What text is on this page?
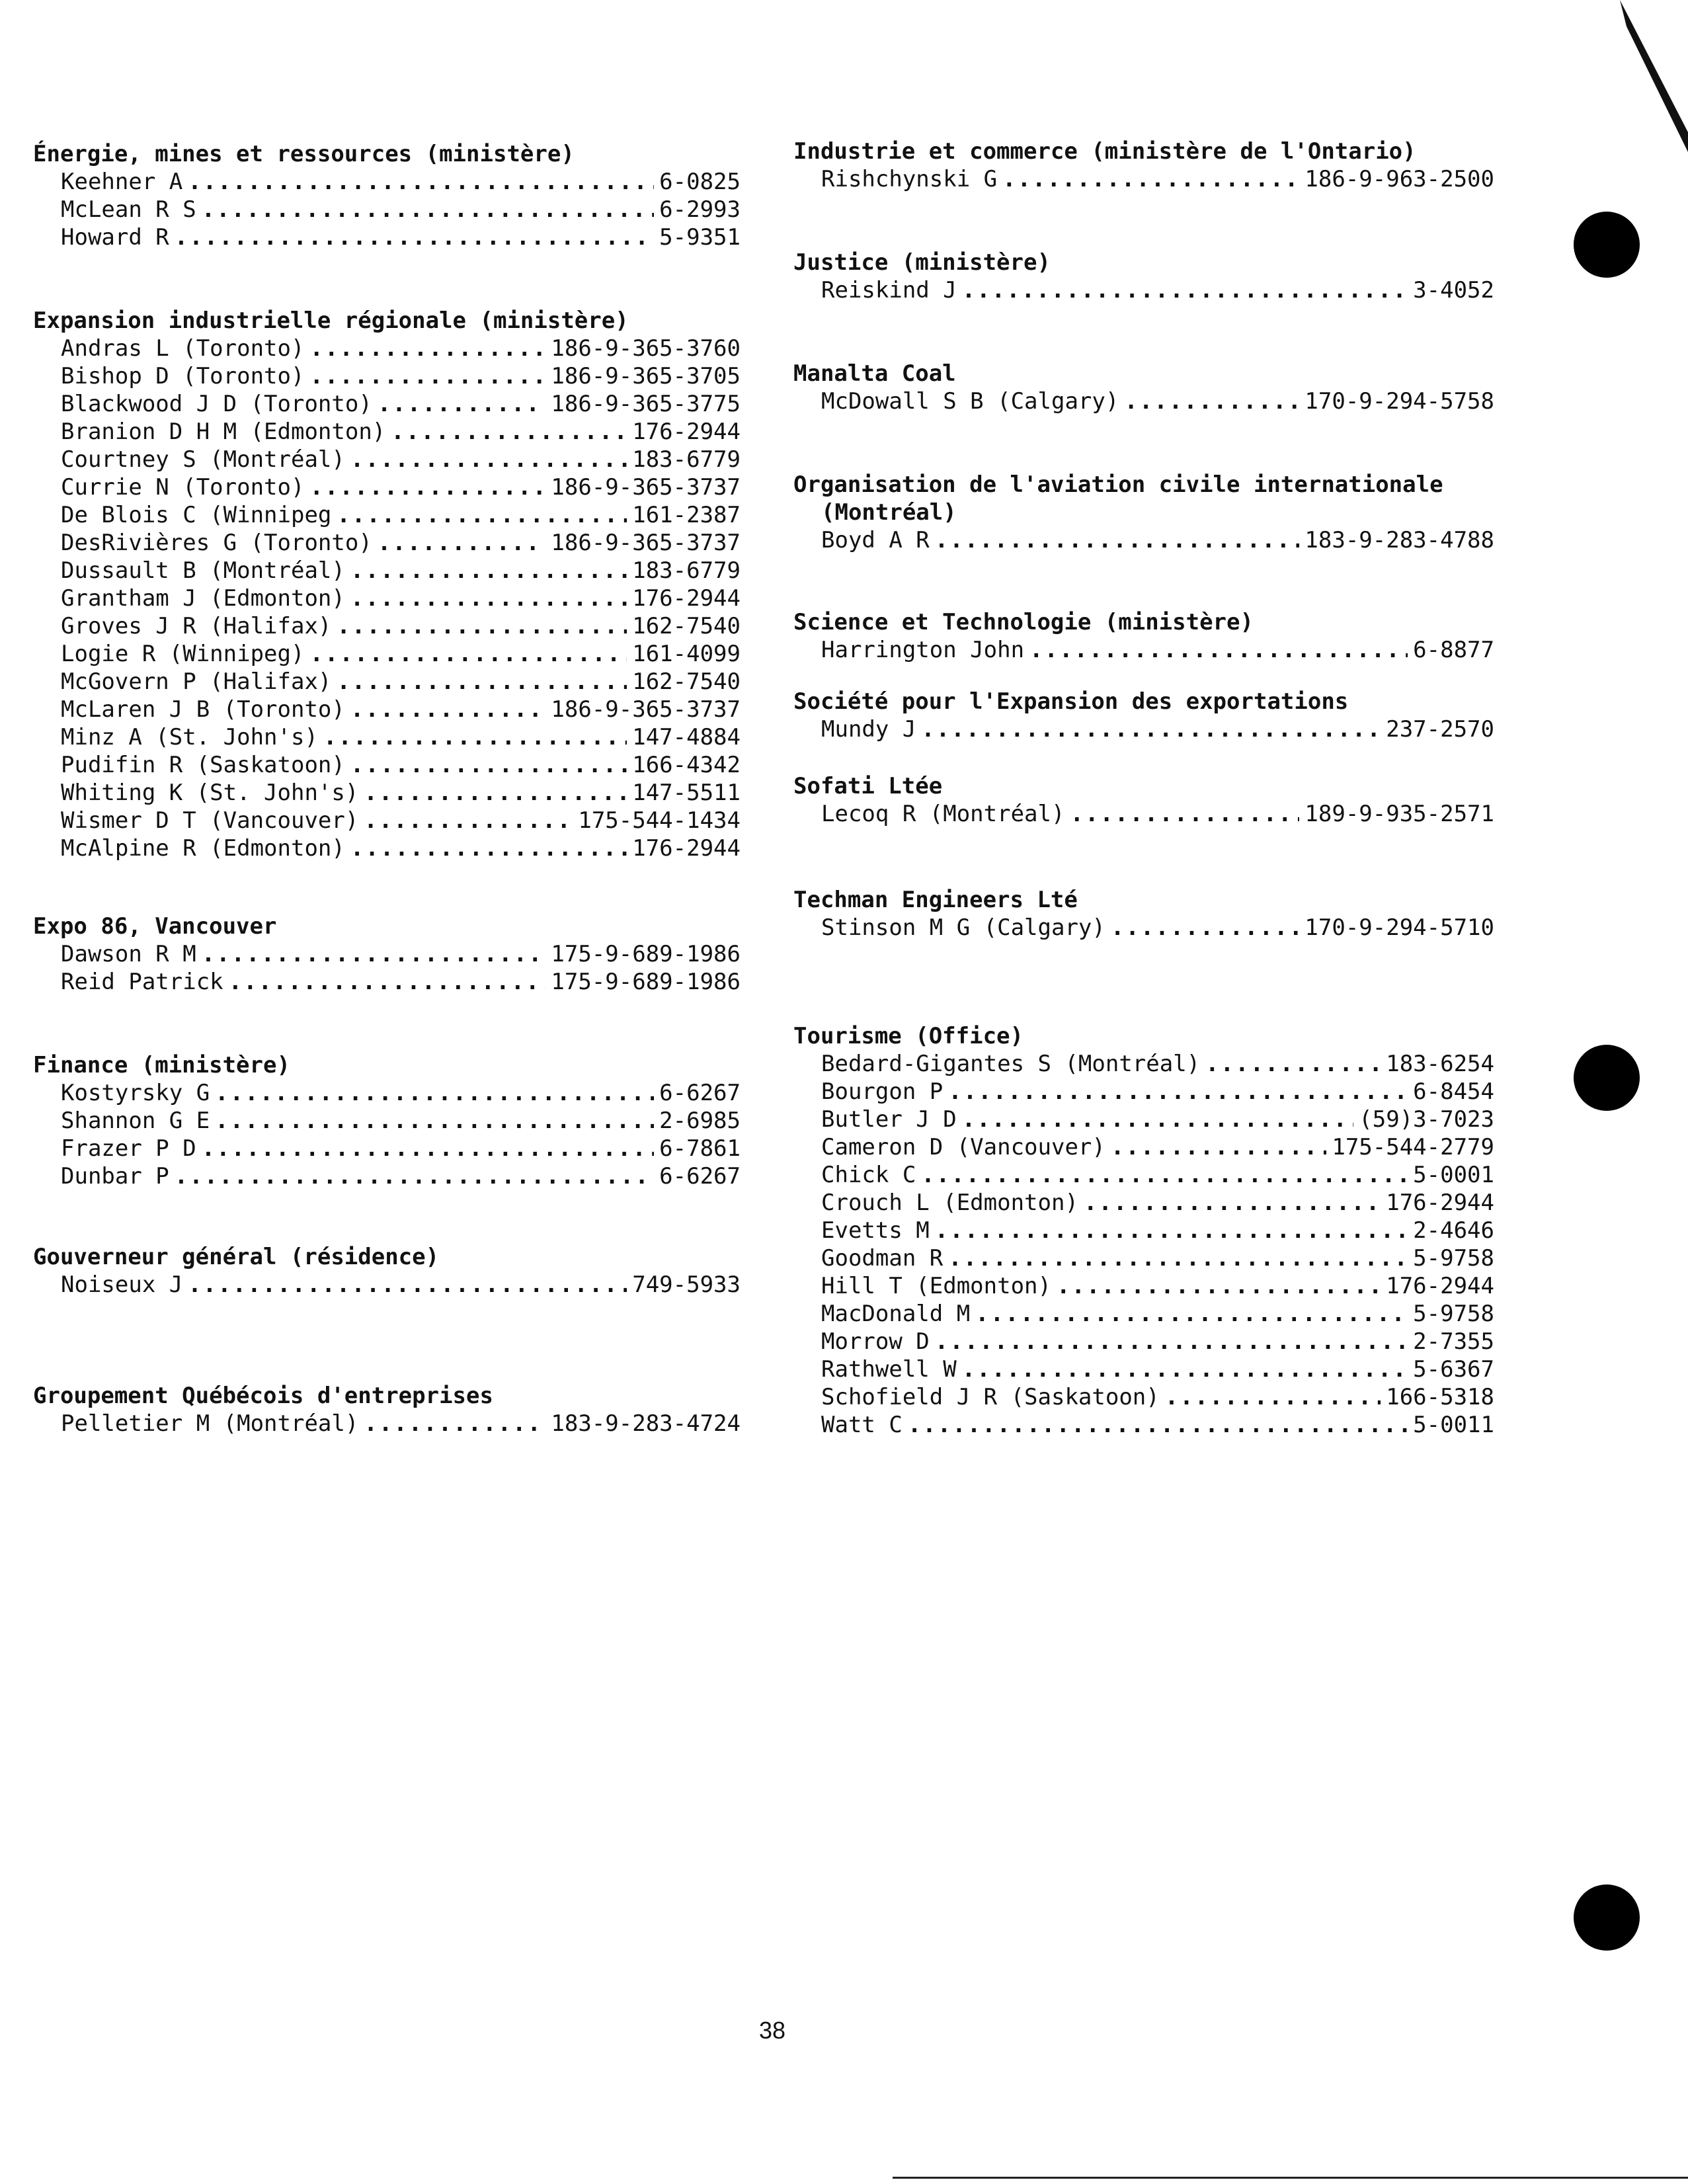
Énergie, mines et ressources (ministère)
Keehner A .....	6-0825
McLean R S .....	6-2993
Howard R .....	5-9351
Expansion industrielle régionale (ministère)
Andras L (Toronto) .....	186-9-365-3760
Bishop D (Toronto) .....	186-9-365-3705
Blackwood J D (Toronto) .....	186-9-365-3775
Branion D H M (Edmonton) .....	176-2944
Courtney S (Montréal) .....	183-6779
Currie N (Toronto) .....	186-9-365-3737
De Blois C (Winnipeg .....	161-2387
DesRivières G (Toronto) .....	186-9-365-3737
Dussault B (Montréal) .....	183-6779
Grantham J (Edmonton) .....	176-2944
Groves J R (Halifax) .....	162-7540
Logie R (Winnipeg) .....	161-4099
McGovern P (Halifax) .....	162-7540
McLaren J B (Toronto) .....	186-9-365-3737
Minz A (St. John's) .....	147-4884
Pudifin R (Saskatoon) .....	166-4342
Whiting K (St. John's) .....	147-5511
Wismer D T (Vancouver) .....	175-544-1434
McAlpine R (Edmonton) .....	176-2944
Expo 86, Vancouver
Dawson R M .....	175-9-689-1986
Reid Patrick .....	175-9-689-1986
Finance (ministère)
Kostyrsky G .....	6-6267
Shannon G E .....	2-6985
Frazer P D .....	6-7861
Dunbar P .....	6-6267
Gouverneur général (résidence)
Noiseux J .....	749-5933
Groupement Québécois d'entreprises
Pelletier M (Montréal) .....	183-9-283-4724
Industrie et commerce (ministère de l'Ontario)
Rishchynski G .....	186-9-963-2500
Justice (ministère)
Reiskind J .....	3-4052
Manalta Coal
McDowall S B (Calgary) .....	170-9-294-5758
Organisation de l'aviation civile internationale
(Montréal)
Boyd A R .....	183-9-283-4788
Science et Technologie (ministère)
Harrington John .....	6-8877
Société pour l'Expansion des exportations
Mundy J .....	237-2570
Sofati Ltée
Lecoq R (Montréal) .....	189-9-935-2571
Techman Engineers Lté
Stinson M G (Calgary) .....	170-9-294-5710
Tourisme (Office)
Bedard-Gigantes S (Montréal) .....	183-6254
Bourgon P .....	6-8454
Butler J D .....	(59)3-7023
Cameron D (Vancouver) .....	175-544-2779
Chick C .....	5-0001
Crouch L (Edmonton) .....	176-2944
Evetts M .....	2-4646
Goodman R .....	5-9758
Hill T (Edmonton) .....	176-2944
MacDonald M .....	5-9758
Morrow D .....	2-7355
Rathwell W .....	5-6367
Schofield J R (Saskatoon) .....	166-5318
Watt C .....	5-0011
38
